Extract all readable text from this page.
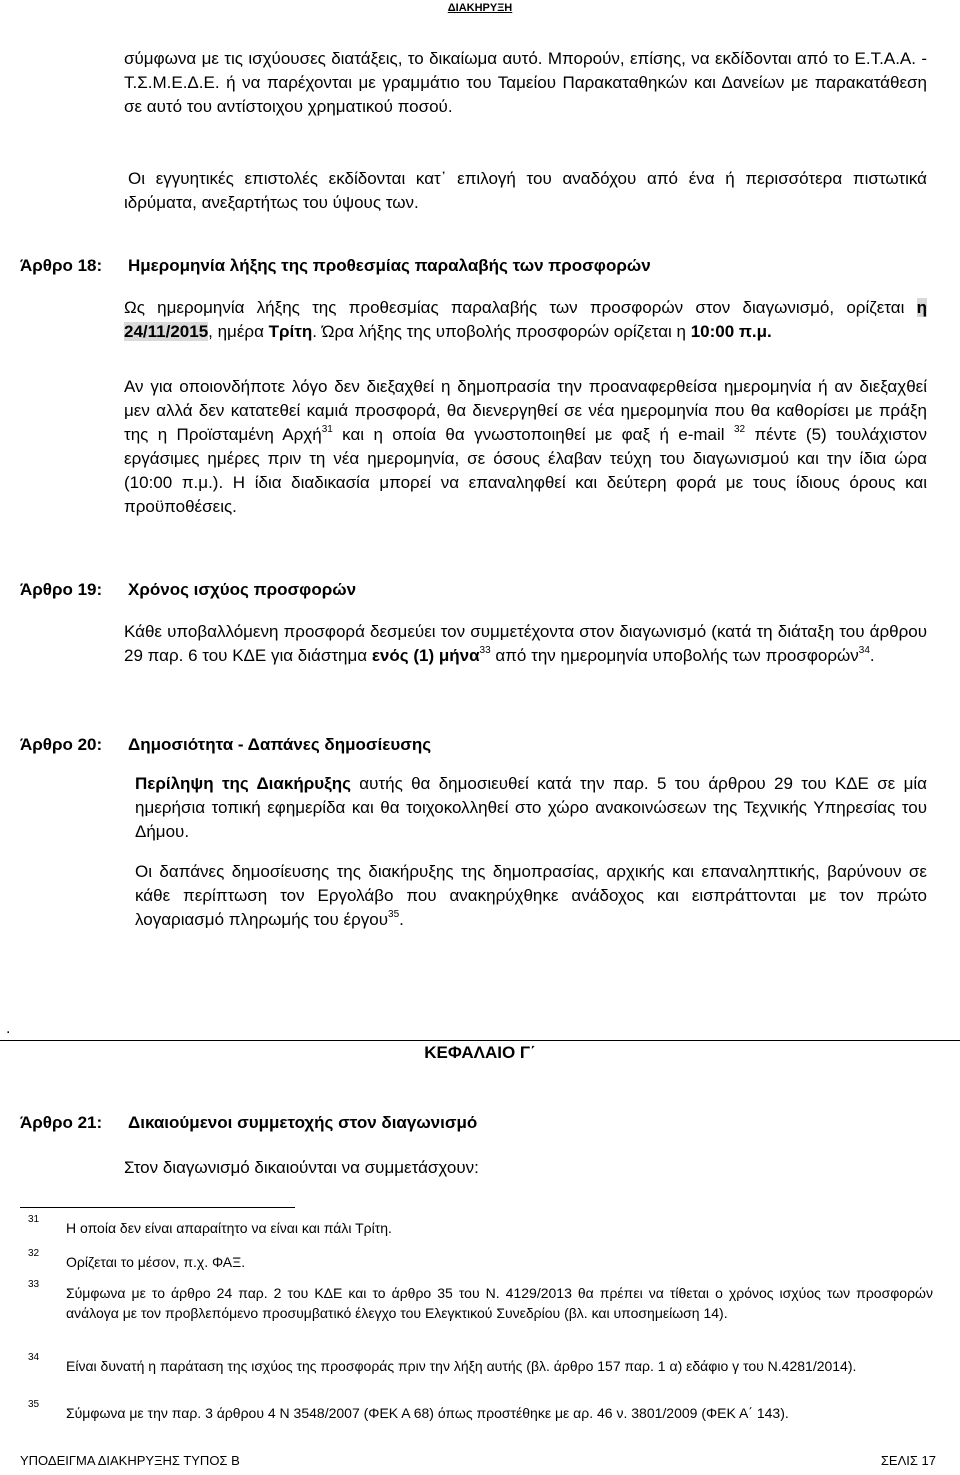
ΔΙΑΚΗΡΥΞΗ
σύμφωνα με τις ισχύουσες διατάξεις, το δικαίωμα αυτό. Μπορούν, επίσης, να εκδίδονται από το Ε.Τ.Α.Α. - Τ.Σ.Μ.Ε.Δ.Ε. ή να παρέχονται με γραμμάτιο του Ταμείου Παρακαταθηκών και Δανείων με παρακατάθεση σε αυτό του αντίστοιχου χρηματικού ποσού.
Οι εγγυητικές επιστολές εκδίδονται κατ᾽ επιλογή του αναδόχου από ένα ή περισσότερα πιστωτικά ιδρύματα, ανεξαρτήτως του ύψους των.
Άρθρο 18: Ημερομηνία λήξης της προθεσμίας παραλαβής των προσφορών
Ως ημερομηνία λήξης της προθεσμίας παραλαβής των προσφορών στον διαγωνισμό, ορίζεται η 24/11/2015, ημέρα Τρίτη. Ώρα λήξης της υποβολής προσφορών ορίζεται η 10:00 π.μ.
Αν για οποιονδήποτε λόγο δεν διεξαχθεί η δημοπρασία την προαναφερθείσα ημερομηνία ή αν διεξαχθεί μεν αλλά δεν κατατεθεί καμιά προσφορά, θα διενεργηθεί σε νέα ημερομηνία που θα καθορίσει με πράξη της η Προϊσταμένη Αρχή$^{31}$ και η οποία θα γνωστοποιηθεί με φαξ ή e-mail $^{32}$ πέντε (5) τουλάχιστον εργάσιμες ημέρες πριν τη νέα ημερομηνία, σε όσους έλαβαν τεύχη του διαγωνισμού και την ίδια ώρα (10:00 π.μ.). Η ίδια διαδικασία μπορεί να επαναληφθεί και δεύτερη φορά με τους ίδιους όρους και προϋποθέσεις.
Άρθρο 19: Χρόνος ισχύος προσφορών
Κάθε υποβαλλόμενη προσφορά δεσμεύει τον συμμετέχοντα στον διαγωνισμό (κατά τη διάταξη του άρθρου 29 παρ. 6 του ΚΔΕ για διάστημα ενός (1) μήνα$^{33}$ από την ημερομηνία υποβολής των προσφορών$^{34}$.
Άρθρο 20: Δημοσιότητα - Δαπάνες δημοσίευσης
Περίληψη της Διακήρυξης αυτής θα δημοσιευθεί κατά την παρ. 5 του άρθρου 29 του ΚΔΕ σε μία ημερήσια τοπική εφημερίδα και θα τοιχοκολληθεί στο χώρο ανακοινώσεων της Τεχνικής Υπηρεσίας του Δήμου.
Οι δαπάνες δημοσίευσης της διακήρυξης της δημοπρασίας, αρχικής και επαναληπτικής, βαρύνουν σε κάθε περίπτωση τον Εργολάβο που ανακηρύχθηκε ανάδοχος και εισπράττονται με τον πρώτο λογαριασμό πληρωμής του έργου$^{35}$.
.
ΚΕΦΑΛΑΙΟ Γ΄
Άρθρο 21: Δικαιούμενοι συμμετοχής στον διαγωνισμό
Στον διαγωνισμό δικαιούνται να συμμετάσχουν:
31
Η οποία δεν είναι απαραίτητο να είναι και πάλι Τρίτη.
32
Ορίζεται το μέσον, π.χ. ΦΑΞ.
33
Σύμφωνα με το άρθρο 24 παρ. 2 του ΚΔΕ και το άρθρο 35 του Ν. 4129/2013 θα πρέπει να τίθεται ο χρόνος ισχύος των προσφορών ανάλογα με τον προβλεπόμενο προσυμβατικό έλεγχο του Ελεγκτικού Συνεδρίου (βλ. και υποσημείωση 14).
34
Είναι δυνατή η παράταση της ισχύος της προσφοράς πριν την λήξη αυτής (βλ. άρθρο 157 παρ. 1 α) εδάφιο γ του Ν.4281/2014).
35
Σύμφωνα με την παρ. 3 άρθρου 4 Ν 3548/2007 (ΦΕΚ Α 68) όπως προστέθηκε με αρ. 46 ν. 3801/2009 (ΦΕΚ Α΄ 143).
ΥΠΟΔΕΙΓΜΑ ΔΙΑΚΗΡΥΞΗΣ ΤΥΠΟΣ Β	ΣΕΛΙΣ 17
